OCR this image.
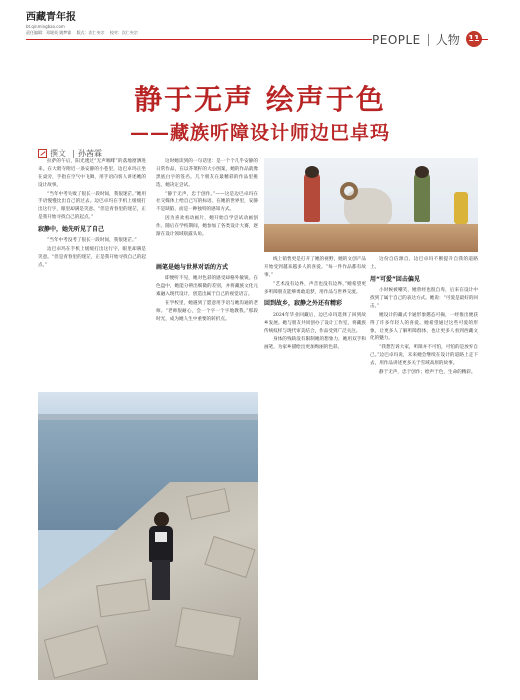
西藏青年报
bt.qinmingbao.com
责任编辑：邓媛英 姚梦霖 版式：次仁央宗 校对：次仁央宗	PEOPLE 人物
静于无声 绘声于色
——藏族听障设计师边巴卓玛
撰文 孙茜霖

拉萨的午后，阳光透过“无声咖啡”的落地窗洒进来。在大昭寺附近一条安静的小巷里，边巴卓玛正坐在桌旁，手指在空气中飞舞，用手语向客人讲述她的设计故事。

“当年中考失败了很长一段时间，我很迷茫。”她用手语慢慢比出自己的过去。边巴卓玛在手机上缓缓打出这行字，眼里却满是笑意。“但是青春里的迷茫，正是我开始寻找自己的起点。”

寂静中，她先听见了自己

“当年中考没考了很长一段时间，我很迷茫。”

边巴卓玛在手机上缓缓打出这行字，眼里却满是笑意。“但是青春里的迷茫，正是我开始寻找自己的起点。”

这时她读到的一句话里：是一个个几乎安静的日常作品，在以芥菜籽的大小图案，她的作品就像黑底白字的签名。几个朋友在最精彩的作品里挑选，她决定尝试。

“静于无声，忠于创作。”——这是边巴卓玛在社交媒体上给自己写的标语。在她的世界里，安静不是缺陷，而是一种独特的感知方式。

因为喜欢看动画片，她开始自学尝试动画创作。随后在学校期间，她参加了各类设计大赛，逐渐在设计领域崭露头角。

画笔是她与世界对话的方式

即便听不见，她对色彩的感受却格外敏锐。在色盘中，她能分辨出细微的差别，并将藏族文化元素融入现代设计，创造出属于自己的视觉语言。

在学校里，她遇到了愿意用手语与她沟通的老师。“老师很耐心，会一个字一个字地教我。”那段时光，成为她人生中重要的转折点。

线上销售更是打开了她的视野，她的文创产品开始受到越来越多人的喜爱。“每一件作品都有故事。”

“艺术没有边界，声音也没有边界。”她希望更多听障朋友能够勇敢追梦，用作品与世界交流。

回到故乡，寂静之外还有精彩

2024年毕业回藏后，边巴卓玛选择了回到故乡发展。她与朋友共同创办了设计工作室，将藏族传统纹样与现代审美结合，作品受到广泛关注。

身体的残缺没有限制她的想象力，她用双手和画笔，为家乡描绘出更加绚丽的色彩。

这份自信源自，边巴卓玛不断提升自我的道路上。

用“可爱”回击偏见

小时候被嘲笑，她曾经也很自卑，后来在设计中找到了属于自己的表达方式。她说：“可爱是最好的回击。”

她设计的藏式卡通形象憨态可掬，一经推出便获得了许多年轻人的喜爱。她希望通过这些可爱的形象，让更多人了解听障群体，也让更多人看到西藏文化的魅力。

“我想告诉大家，听障并不可怕，可怕的是放弃自己。”边巴卓玛说，未来她会继续在设计的道路上走下去，用作品讲述更多关于雪域高原的故事。

静于无声，忠于创作；绘声于色，生命的精彩。
